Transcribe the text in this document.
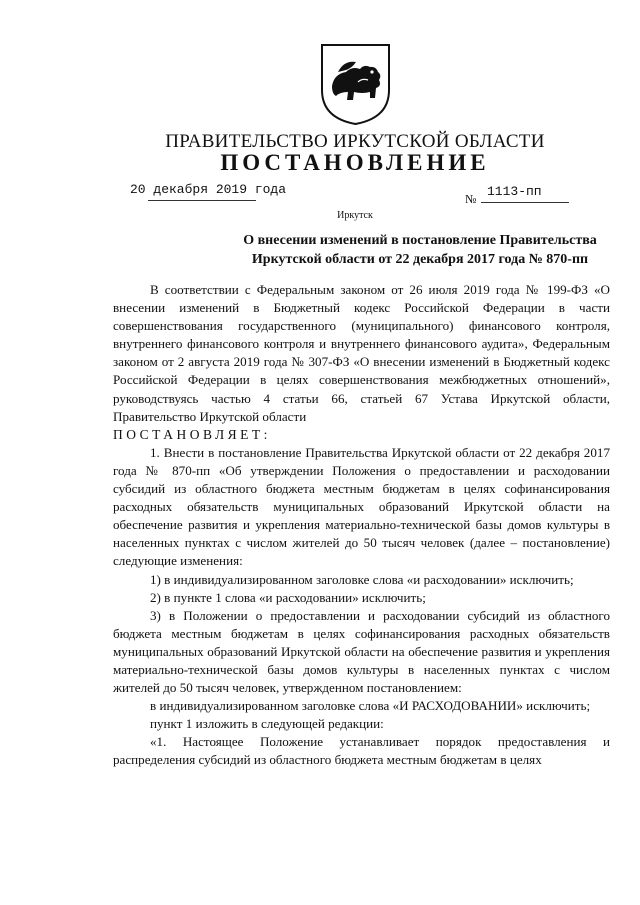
ПРАВИТЕЛЬСТВО ИРКУТСКОЙ ОБЛАСТИ
ПОСТАНОВЛЕНИЕ
20 декабря 2019 года
№ 1113-пп
Иркутск
О внесении изменений в постановление Правительства
Иркутской области от 22 декабря 2017 года № 870-пп

В соответствии с Федеральным законом от 26 июля 2019 года № 199-ФЗ «О внесении изменений в Бюджетный кодекс Российской Федерации в части совершенствования государственного (муниципального) финансового контроля, внутреннего финансового контроля и внутреннего финансового аудита», Федеральным законом от 2 августа 2019 года № 307-ФЗ «О внесении изменений в Бюджетный кодекс Российской Федерации в целях совершенствования межбюджетных отношений», руководствуясь частью 4 статьи 66, статьей 67 Устава Иркутской области, Правительство Иркутской области

ПОСТАНОВЛЯЕТ:

1. Внести в постановление Правительства Иркутской области от 22 декабря 2017 года № 870-пп «Об утверждении Положения о предоставлении и расходовании субсидий из областного бюджета местным бюджетам в целях софинансирования расходных обязательств муниципальных образований Иркутской области на обеспечение развития и укрепления материально-технической базы домов культуры в населенных пунктах с числом жителей до 50 тысяч человек (далее – постановление) следующие изменения:

1) в индивидуализированном заголовке слова «и расходовании» исключить;

2) в пункте 1 слова «и расходовании» исключить;

3) в Положении о предоставлении и расходовании субсидий из областного бюджета местным бюджетам в целях софинансирования расходных обязательств муниципальных образований Иркутской области на обеспечение развития и укрепления материально-технической базы домов культуры в населенных пунктах с числом жителей до 50 тысяч человек, утвержденном постановлением:

в индивидуализированном заголовке слова «И РАСХОДОВАНИИ» исключить;

пункт 1 изложить в следующей редакции:

«1. Настоящее Положение устанавливает порядок предоставления и распределения субсидий из областного бюджета местным бюджетам в целях
